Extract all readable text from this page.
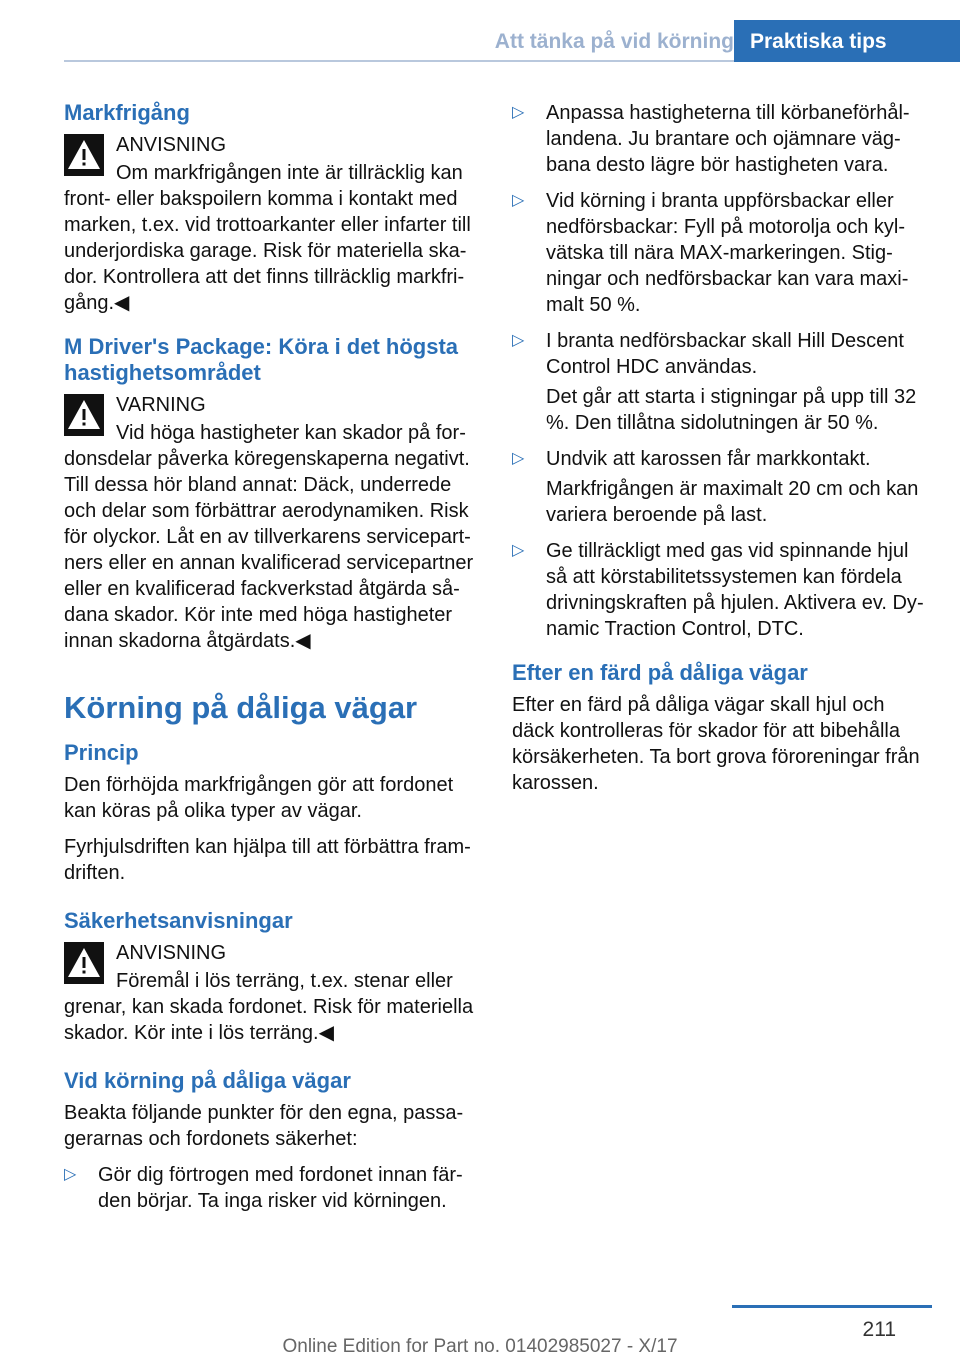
Att tänka på vid körning Praktiska tips
Markfrigång
ANVISNING

Om markfrigången inte är tillräcklig kan front- eller bakspoilern komma i kontakt med marken, t.ex. vid trottoarkanter eller infarter till underjordiska garage. Risk för materiella skador. Kontrollera att det finns tillräcklig markfrigång.◀

M Driver's Package: Köra i det högsta hastighetsområdet
VARNING

Vid höga hastigheter kan skador på fordonsdelar påverka köregenskaperna negativt. Till dessa hör bland annat: Däck, underrede och delar som förbättrar aerodynamiken. Risk för olyckor. Låt en av tillverkarens servicepartners eller en annan kvalificerad servicepartner eller en kvalificerad fackverkstad åtgärda sådana skador. Kör inte med höga hastigheter innan skadorna åtgärdats.◀

Körning på dåliga vägar
Princip

Den förhöjda markfrigången gör att fordonet kan köras på olika typer av vägar.

Fyrhjulsdriften kan hjälpa till att förbättra framdriften.

Säkerhetsanvisningar
ANVISNING

Föremål i lös terräng, t.ex. stenar eller grenar, kan skada fordonet. Risk för materiella skador. Kör inte i lös terräng.◀

Vid körning på dåliga vägar

Beakta följande punkter för den egna, passagerarnas och fordonets säkerhet:

▷ Gör dig förtrogen med fordonet innan färden börjar. Ta inga risker vid körningen.
▷ Anpassa hastigheterna till körbaneförhållandena. Ju brantare och ojämnare vägbana desto lägre bör hastigheten vara.
▷ Vid körning i branta uppförsbackar eller nedförsbackar: Fyll på motorolja och kylvätska till nära MAX-markeringen. Stigningar och nedförsbackar kan vara maximalt 50 %.
▷ I branta nedförsbackar skall Hill Descent Control HDC användas.

Det går att starta i stigningar på upp till 32 %. Den tillåtna sidolutningen är 50 %.

▷ Undvik att karossen får markkontakt.

Markfrigången är maximalt 20 cm och kan variera beroende på last.

▷ Ge tillräckligt med gas vid spinnande hjul så att körstabilitetssystemen kan fördela drivningskraften på hjulen. Aktivera ev. Dynamic Traction Control, DTC.
Efter en färd på dåliga vägar

Efter en färd på dåliga vägar skall hjul och däck kontrolleras för skador för att bibehålla körsäkerheten. Ta bort grova föroreningar från karossen.

211
Online Edition for Part no. 01402985027 - X/17
